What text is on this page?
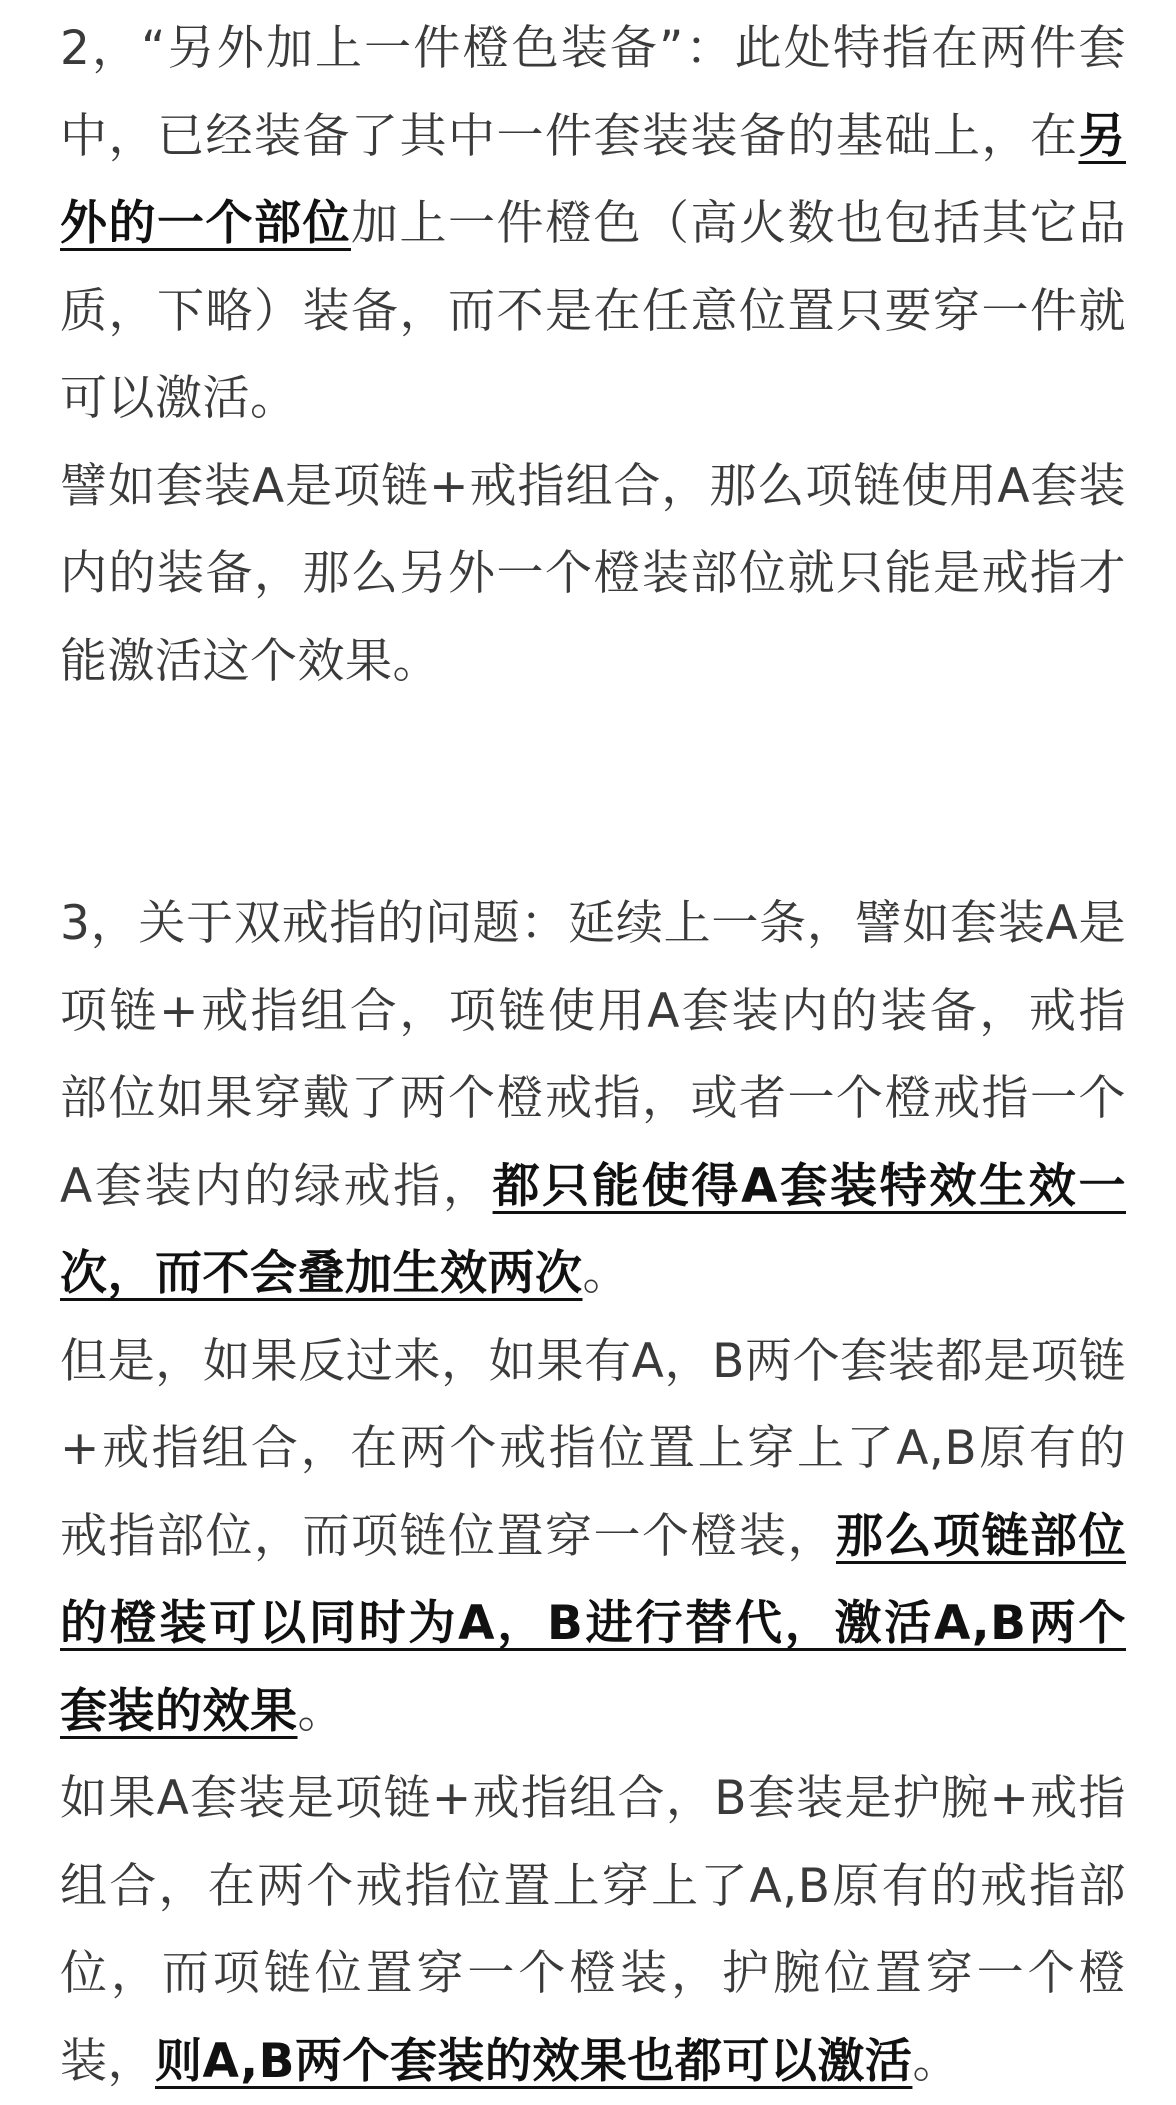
2，“另外加上一件橙色装备”：此处特指在两件套中，已经装备了其中一件套装装备的基础上，在另外的一个部位加上一件橙色（高火数也包括其它品质，下略）装备，而不是在任意位置只要穿一件就可以激活。

譬如套装A是项链+戒指组合，那么项链使用A套装内的装备，那么另外一个橙装部位就只能是戒指才能激活这个效果。

3，关于双戒指的问题：延续上一条，譬如套装A是项链+戒指组合，项链使用A套装内的装备，戒指部位如果穿戴了两个橙戒指，或者一个橙戒指一个A套装内的绿戒指，都只能使得A套装特效生效一次，而不会叠加生效两次。

但是，如果反过来，如果有A，B两个套装都是项链+戒指组合，在两个戒指位置上穿上了A,B原有的戒指部位，而项链位置穿一个橙装，那么项链部位的橙装可以同时为A，B进行替代，激活A,B两个套装的效果。

如果A套装是项链+戒指组合，B套装是护腕+戒指组合，在两个戒指位置上穿上了A,B原有的戒指部位，而项链位置穿一个橙装，护腕位置穿一个橙装，则A,B两个套装的效果也都可以激活。
